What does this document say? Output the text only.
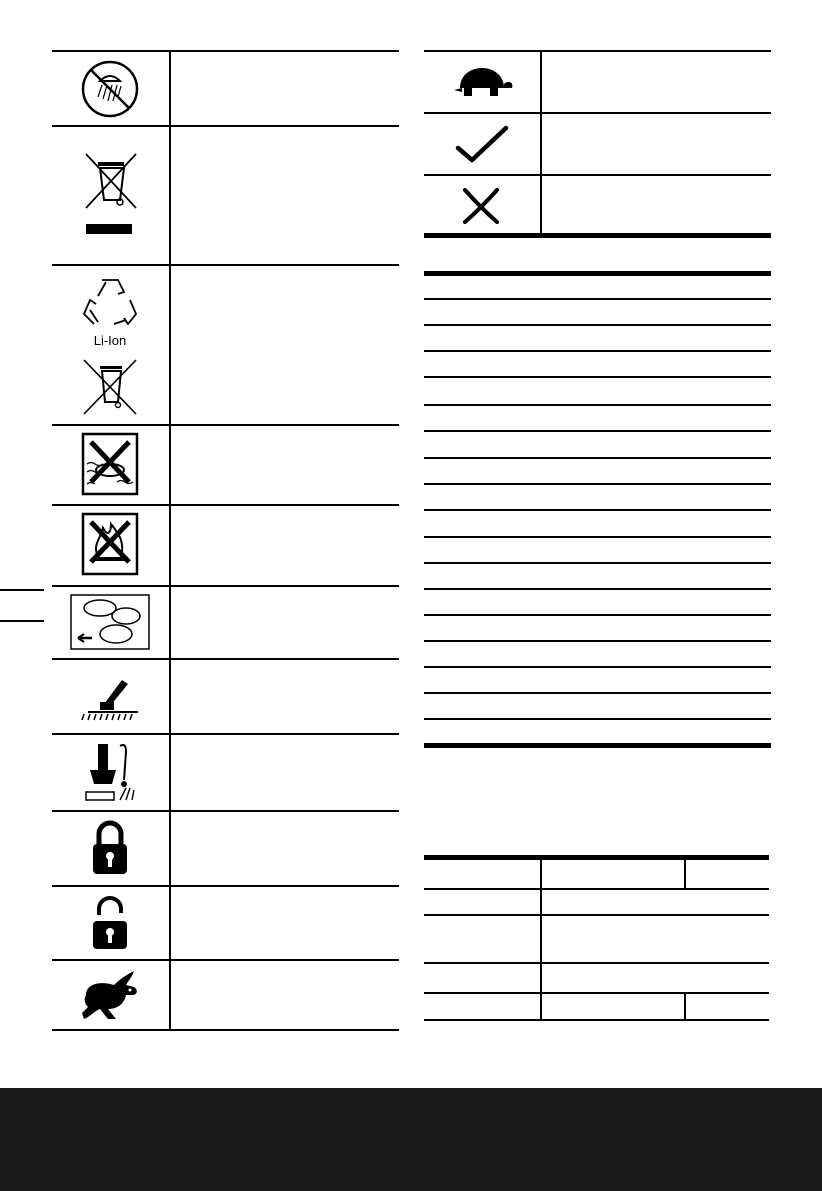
Li-Ion
